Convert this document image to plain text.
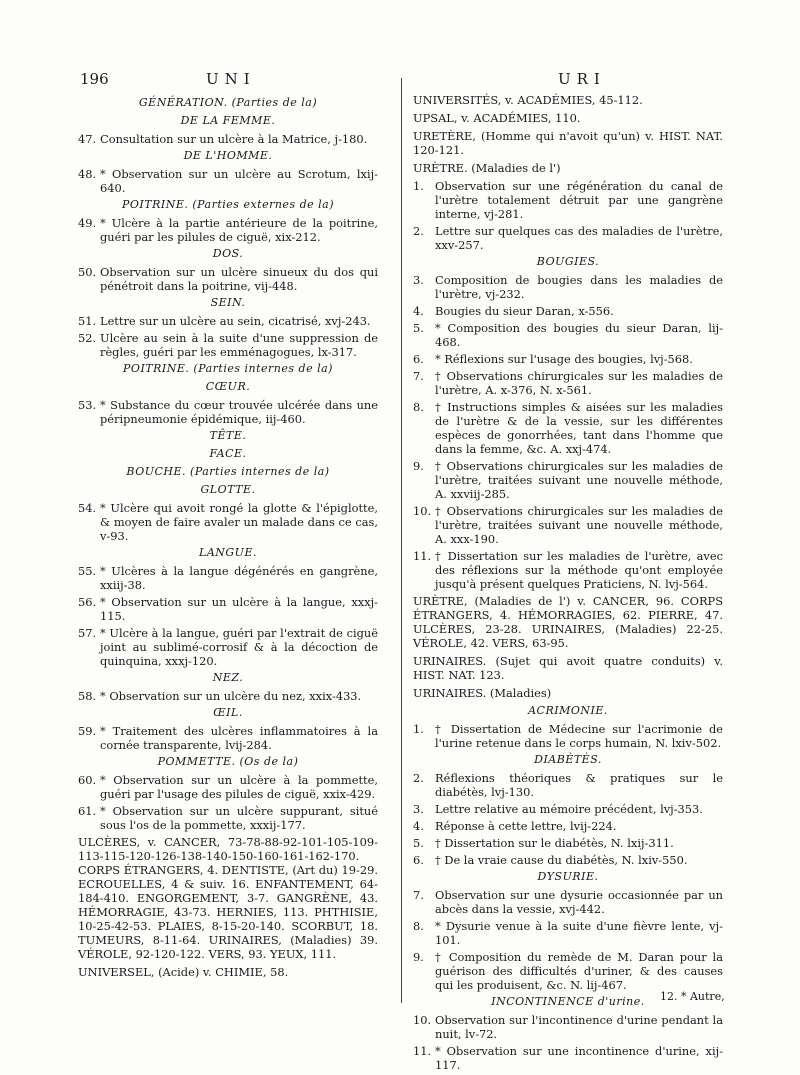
196	UNI	URI
GÉNÉRATION. (Parties de la)
DE LA FEMME.
47. Consultation sur un ulcère à la Matrice, j-180.
DE L'HOMME.
48. * Observation sur un ulcère au Scrotum, lxij-640.
POITRINE. (Parties externes de la)
49. * Ulcère à la partie antérieure de la poitrine, guéri par les pilules de ciguë, xix-212.
DOS.
50. Observation sur un ulcère sinueux du dos qui pénétroit dans la poitrine, vij-448.
SEIN.
51. Lettre sur un ulcère au sein, cicatrisé, xvj-243.
52. Ulcère au sein à la suite d'une suppression de règles, guéri par les emménagogues, lx-317.
POITRINE. (Parties internes de la)
CŒUR.
53. * Substance du cœur trouvée ulcérée dans une péripneumonie épidémique, iij-460.
TÊTE.
FACE.
BOUCHE. (Parties internes de la)
GLOTTE.
54. * Ulcère qui avoit rongé la glotte & l'épiglotte, & moyen de faire avaler un malade dans ce cas, v-93.
LANGUE.
55. * Ulcères à la langue dégénérés en gangrène, xxiij-38.
56. * Observation sur un ulcère à la langue, xxxj-115.
57. * Ulcère à la langue, guéri par l'extrait de ciguë joint au sublimé-corrosif & à la décoction de quinquina, xxxj-120.
NEZ.
58. * Observation sur un ulcère du nez, xxix-433.
ŒIL.
59. * Traitement des ulcères inflammatoires à la cornée transparente, lvij-284.
POMMETTE. (Os de la)
60. * Observation sur un ulcère à la pommette, guéri par l'usage des pilules de ciguë, xxix-429.
61. * Observation sur un ulcère suppurant, situé sous l'os de la pommette, xxxij-177.
ULCÈRES, v. CANCER, 73-78-88-92-101-105-109-113-115-120-126-138-140-150-160-161-162-170. CORPS ÉTRANGERS, 4. DENTISTE, (Art du) 19-29. ECROUELLES, 4 & suiv. 16. ENFANTEMENT, 64-184-410. ENGORGEMENT, 3-7. GANGRÈNE, 43. HÉMORRAGIE, 43-73. HERNIES, 113. PHTHISIE, 10-25-42-53. PLAIES, 8-15-20-140. SCORBUT, 18. TUMEURS, 8-11-64. URINAIRES, (Maladies) 39. VÉROLE, 92-120-122. VERS, 93. YEUX, 111.
UNIVERSEL, (Acide) v. CHIMIE, 58.
UNIVERSITÉS, v. ACADÉMIES, 45-112.
UPSAL, v. ACADÉMIES, 110.
URETÈRE, (Homme qui n'avoit qu'un) v. HIST. NAT. 120-121.
URÈTRE. (Maladies de l')
1. Observation sur une régénération du canal de l'urètre totalement détruit par une gangrène interne, vj-281.
2. Lettre sur quelques cas des maladies de l'urètre, xxv-257.
BOUGIES.
3. Composition de bougies dans les maladies de l'urètre, vj-232.
4. Bougies du sieur Daran, x-556.
5. * Composition des bougies du sieur Daran, lij-468.
6. * Réflexions sur l'usage des bougies, lvj-568.
7. † Observations chirurgicales sur les maladies de l'urètre, A. x-376, N. x-561.
8. † Instructions simples & aisées sur les maladies de l'urètre & de la vessie, sur les différentes espèces de gonorrhées, tant dans l'homme que dans la femme, &c. A. xxj-474.
9. † Observations chirurgicales sur les maladies de l'urètre, traitées suivant une nouvelle méthode, A. xxviij-285.
10. † Observations chirurgicales sur les maladies de l'urètre, traitées suivant une nouvelle méthode, A. xxx-190.
11. † Dissertation sur les maladies de l'urètre, avec des réflexions sur la méthode qu'ont employée jusqu'à présent quelques Praticiens, N. lvj-564.
URÈTRE, (Maladies de l') v. CANCER, 96. CORPS ÉTRANGERS, 4. HÉMORRAGIES, 62. PIERRE, 47. ULCÈRES, 23-28. URINAIRES, (Maladies) 22-25. VÉROLE, 42. VERS, 63-95.
URINAIRES. (Sujet qui avoit quatre conduits) v. HIST. NAT. 123.
URINAIRES. (Maladies)
ACRIMONIE.
1. † Dissertation de Médecine sur l'acrimonie de l'urine retenue dans le corps humain, N. lxiv-502.
DIABÈTÈS.
2. Réflexions théoriques & pratiques sur le diabétès, lvj-130.
3. Lettre relative au mémoire précédent, lvj-353.
4. Réponse à cette lettre, lvij-224.
5. † Dissertation sur le diabétès, N. lxij-311.
6. † De la vraie cause du diabétès, N. lxiv-550.
DYSURIE.
7. Observation sur une dysurie occasionnée par un abcès dans la vessie, xvj-442.
8. * Dysurie venue à la suite d'une fièvre lente, vj-101.
9. † Composition du remède de M. Daran pour la guérison des difficultés d'uriner, & des causes qui les produisent, &c. N. lij-467.
INCONTINENCE d'urine.
10. Observation sur l'incontinence d'urine pendant la nuit, lv-72.
11. * Observation sur une incontinence d'urine, xij-117.
12. * Autre,
